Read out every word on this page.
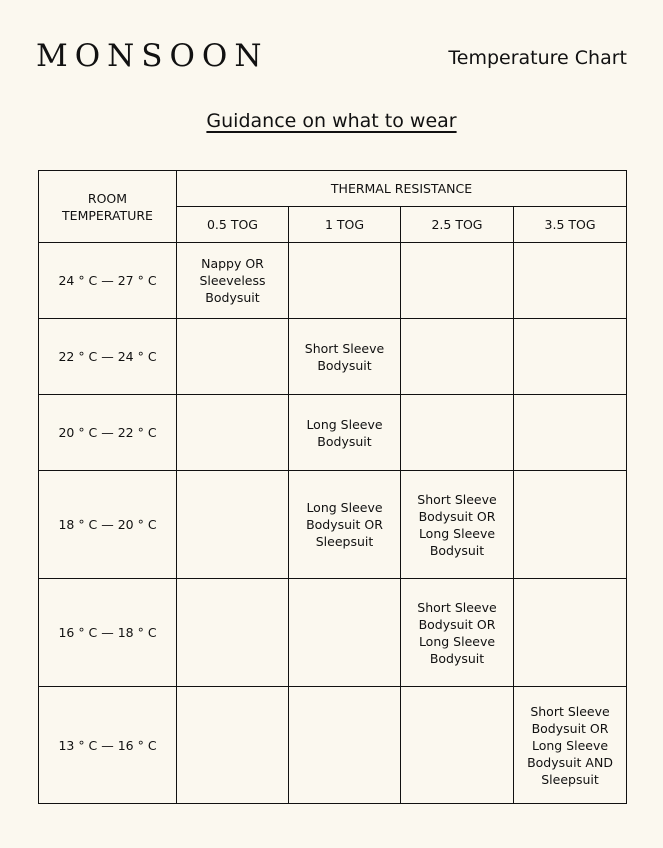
MONSOON	Temperature Chart
Guidance on what to wear
ROOM
TEMPERATURE	THERMAL RESISTANCE			
	0.5 TOG	1 TOG	2.5 TOG	3.5 TOG
24 ° C — 27 ° C	Nappy OR
Sleeveless
Bodysuit			
22 ° C — 24 ° C		Short Sleeve
Bodysuit		
20 ° C — 22 ° C		Long Sleeve
Bodysuit		
18 ° C — 20 ° C		Long Sleeve
Bodysuit OR
Sleepsuit	Short Sleeve
Bodysuit OR
Long Sleeve
Bodysuit	
16 ° C — 18 ° C			Short Sleeve
Bodysuit OR
Long Sleeve
Bodysuit	
13 ° C — 16 ° C				Short Sleeve
Bodysuit OR
Long Sleeve
Bodysuit AND
Sleepsuit
